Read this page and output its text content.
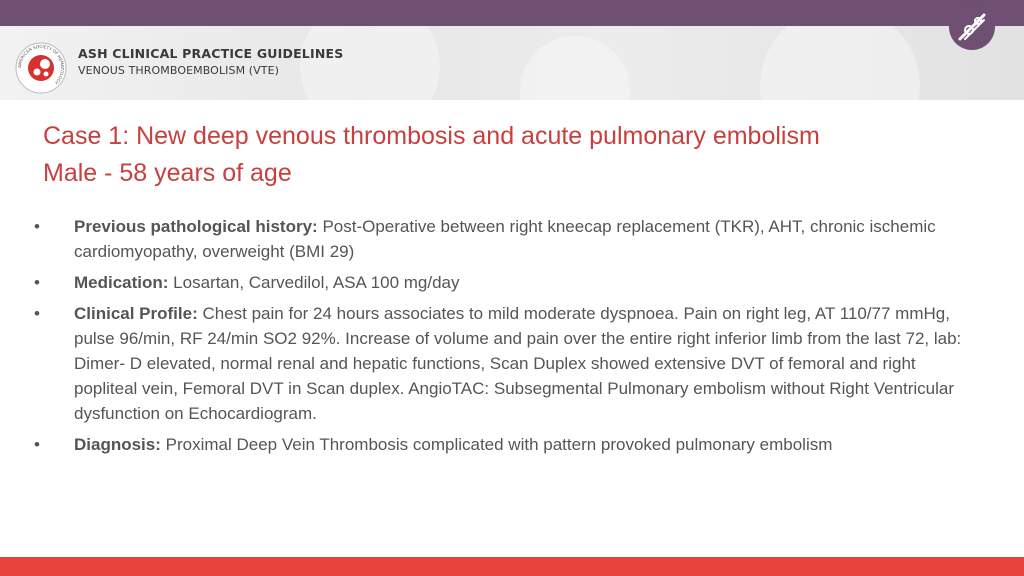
AMERICAN SOCIETY OF HEMATOLOGY
ASH CLINICAL PRACTICE GUIDELINES
VENOUS THROMBOEMBOLISM (VTE)
Case 1: New deep venous thrombosis and acute pulmonary embolism
Male - 58 years of age
• Previous pathological history: Post-Operative between right kneecap replacement (TKR), AHT, chronic ischemic cardiomyopathy, overweight (BMI 29)
• Medication: Losartan, Carvedilol, ASA 100 mg/day
• Clinical Profile: Chest pain for 24 hours associates to mild moderate dyspnoea. Pain on right leg, AT 110/77 mmHg, pulse 96/min, RF 24/min SO2 92%. Increase of volume and pain over the entire right inferior limb from the last 72, lab: Dimer- D elevated, normal renal and hepatic functions, Scan Duplex showed extensive DVT of femoral and right popliteal vein, Femoral DVT in Scan duplex. AngioTAC: Subsegmental Pulmonary embolism without Right Ventricular dysfunction on Echocardiogram.
• Diagnosis: Proximal Deep Vein Thrombosis complicated with pattern provoked pulmonary embolism
